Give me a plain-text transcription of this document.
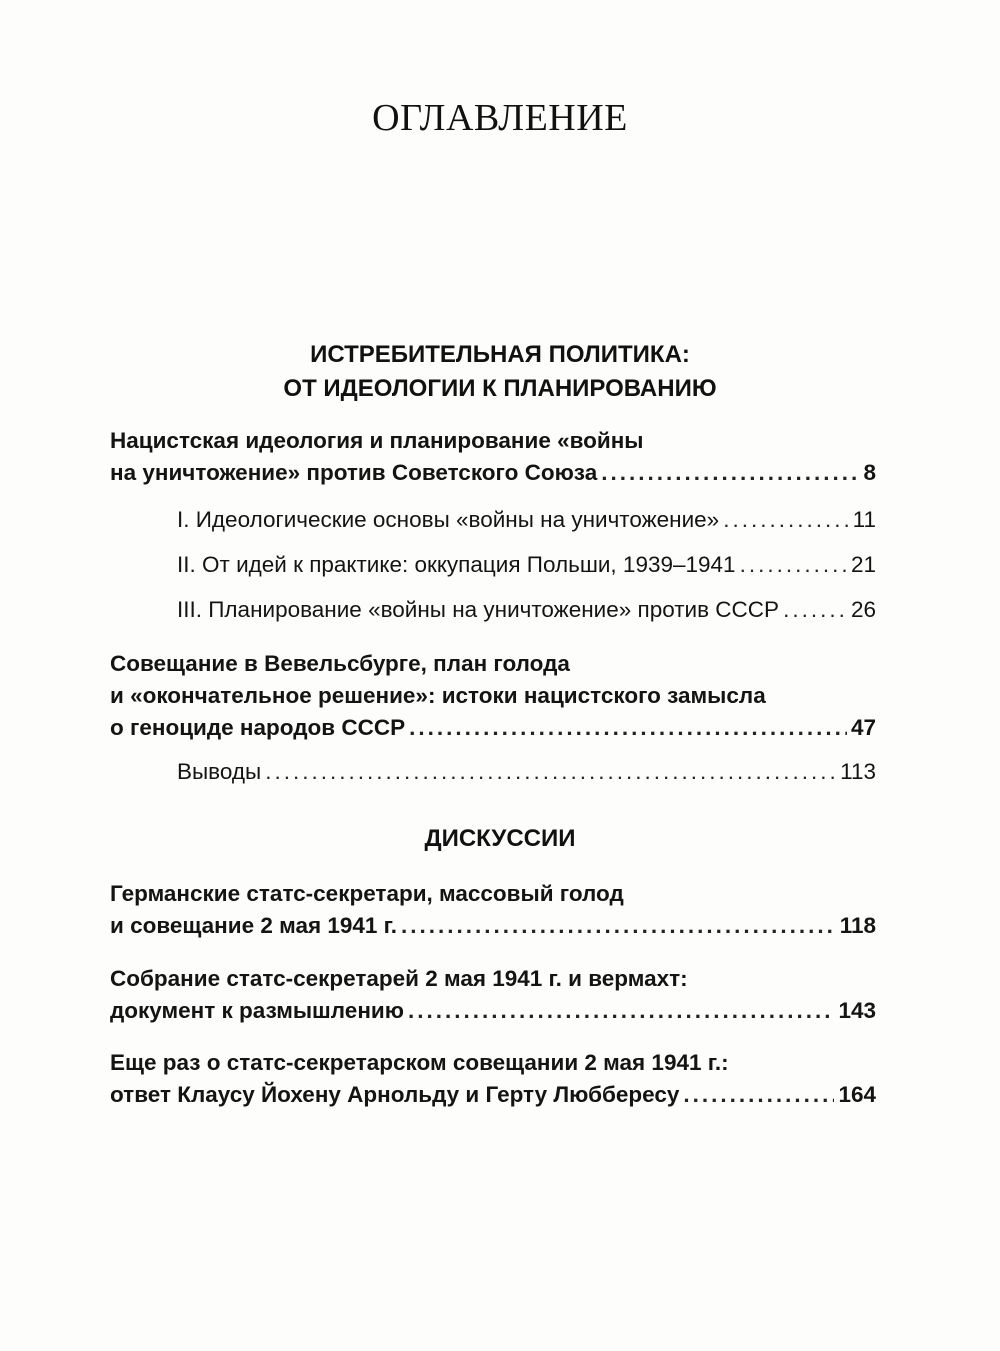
ОГЛАВЛЕНИЕ
ИСТРЕБИТЕЛЬНАЯ ПОЛИТИКА:
ОТ ИДЕОЛОГИИ К ПЛАНИРОВАНИЮ
Нацистская идеология и планирование «войны
на уничтожение» против Советского Союза .....	8
I. Идеологические основы «войны на уничтожение» .....	11
II. От идей к практике: оккупация Польши, 1939–1941 .....	21
III. Планирование «войны на уничтожение» против СССР .....	26
Совещание в Вевельсбурге, план голода
и «окончательное решение»: истоки нацистского замысла
о геноциде народов СССР .....	47
Выводы .....	113
ДИСКУССИИ
Германские статс-секретари, массовый голод
и совещание 2 мая 1941 г. .....	118
Собрание статс-секретарей 2 мая 1941 г. и вермахт:
документ к размышлению .....	143
Еще раз о статс-секретарском совещании 2 мая 1941 г.:
ответ Клаусу Йохену Арнольду и Герту Люббересу .....	164
